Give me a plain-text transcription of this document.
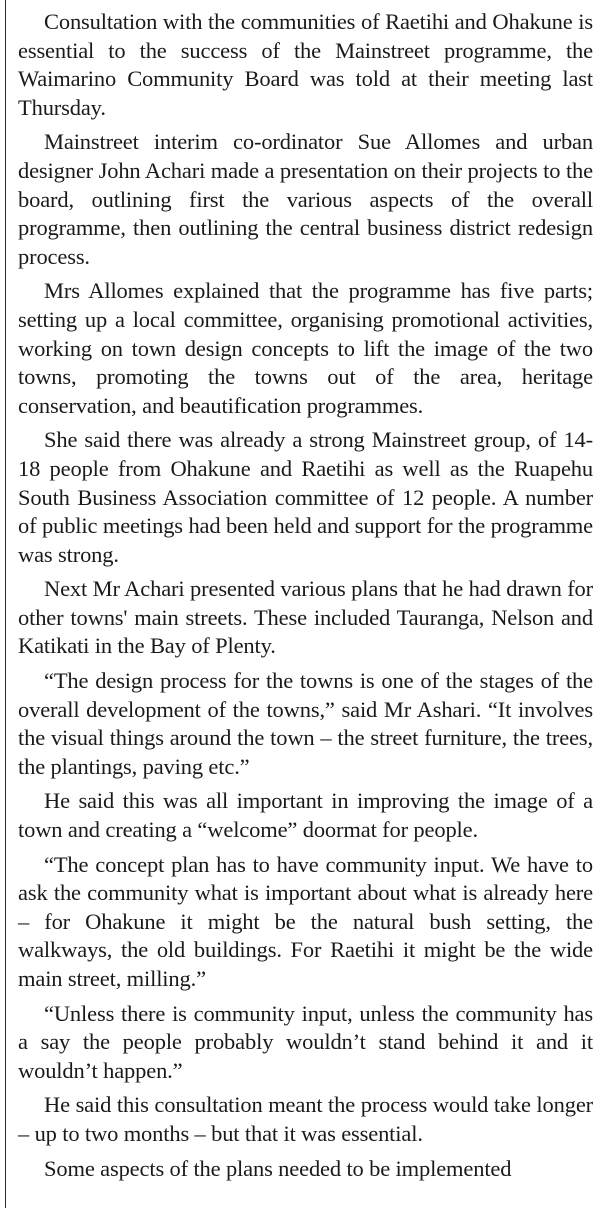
Consultation with the communities of Raetihi and Ohakune is essential to the success of the Mainstreet programme, the Waimarino Community Board was told at their meeting last Thursday.

Mainstreet interim co-ordinator Sue Allomes and urban designer John Achari made a presentation on their projects to the board, outlining first the various aspects of the overall programme, then outlining the central business district redesign process.

Mrs Allomes explained that the programme has five parts; setting up a local committee, organising promotional activities, working on town design concepts to lift the image of the two towns, promoting the towns out of the area, heritage conservation, and beautification programmes.

She said there was already a strong Mainstreet group, of 14-18 people from Ohakune and Raetihi as well as the Ruapehu South Business Association committee of 12 people. A number of public meetings had been held and support for the programme was strong.

Next Mr Achari presented various plans that he had drawn for other towns' main streets. These included Tauranga, Nelson and Katikati in the Bay of Plenty.

“The design process for the towns is one of the stages of the overall development of the towns,” said Mr Ashari. “It involves the visual things around the town – the street furniture, the trees, the plantings, paving etc.”

He said this was all important in improving the image of a town and creating a “welcome” doormat for people.

“The concept plan has to have community input. We have to ask the community what is important about what is already here – for Ohakune it might be the natural bush setting, the walkways, the old buildings. For Raetihi it might be the wide main street, milling.”

“Unless there is community input, unless the community has a say the people probably wouldn’t stand behind it and it wouldn’t happen.”

He said this consultation meant the process would take longer – up to two months – but that it was essential.

Some aspects of the plans needed to be implemented
